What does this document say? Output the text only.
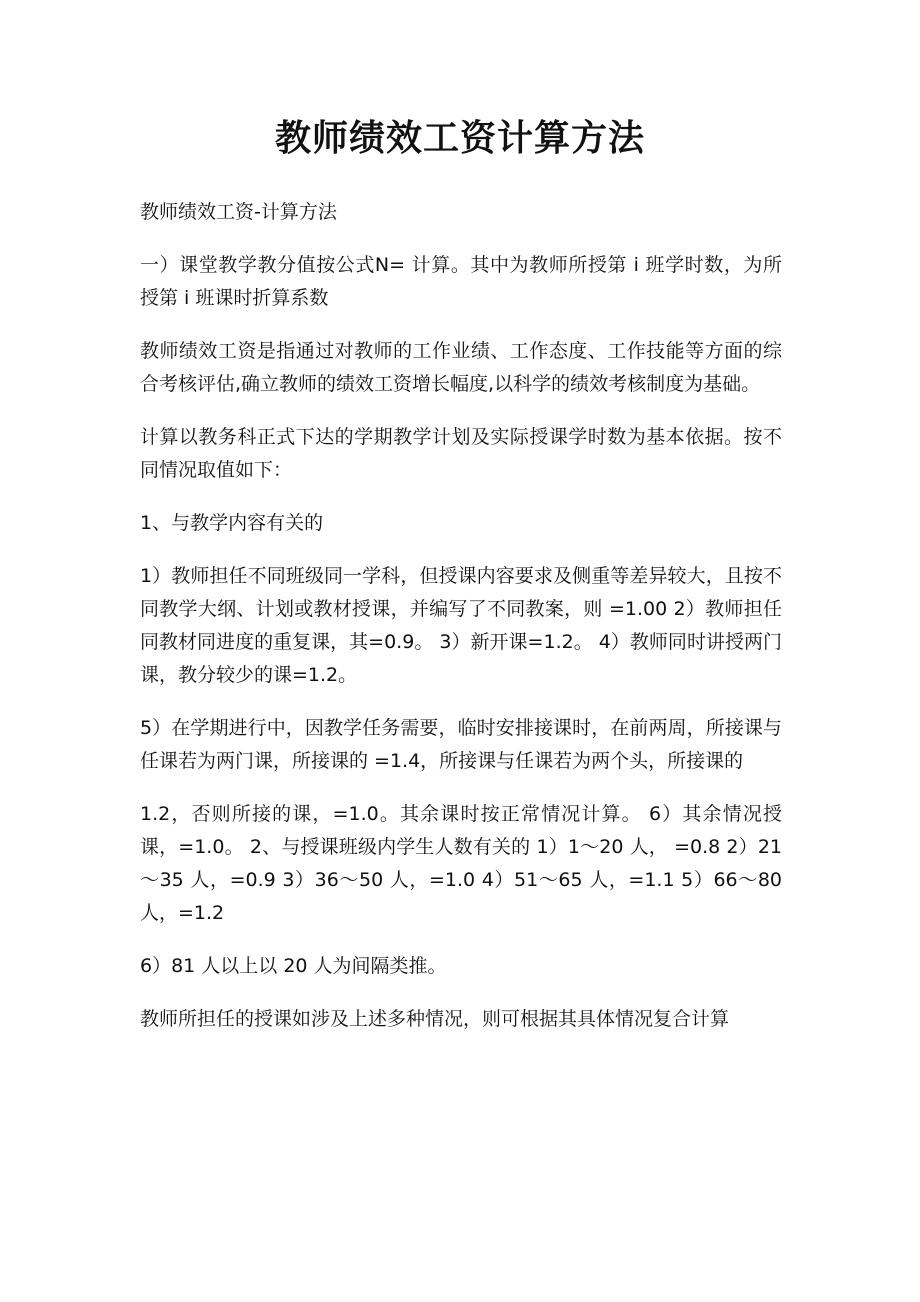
教师绩效工资计算方法

教师绩效工资-计算方法

一）课堂教学教分值按公式N= 计算。其中为教师所授第 i 班学时数，为所授第 i 班课时折算系数

教师绩效工资是指通过对教师的工作业绩、工作态度、工作技能等方面的综合考核评估,确立教师的绩效工资增长幅度,以科学的绩效考核制度为基础。

计算以教务科正式下达的学期教学计划及实际授课学时数为基本依据。按不同情况取值如下：

1、与教学内容有关的

1）教师担任不同班级同一学科，但授课内容要求及侧重等差异较大，且按不同教学大纲、计划或教材授课，并编写了不同教案，则 =1.00 2）教师担任同教材同进度的重复课，其=0.9。 3）新开课=1.2。 4）教师同时讲授两门课，教分较少的课=1.2。

5）在学期进行中，因教学任务需要，临时安排接课时，在前两周，所接课与任课若为两门课，所接课的 =1.4，所接课与任课若为两个头，所接课的

1.2，否则所接的课，=1.0。其余课时按正常情况计算。 6）其余情况授课，=1.0。 2、与授课班级内学生人数有关的 1）1～20 人， =0.8 2）21～35 人，=0.9 3）36～50 人，=1.0 4）51～65 人，=1.1 5）66～80 人，=1.2

6）81 人以上以 20 人为间隔类推。

教师所担任的授课如涉及上述多种情况，则可根据其具体情况复合计算
